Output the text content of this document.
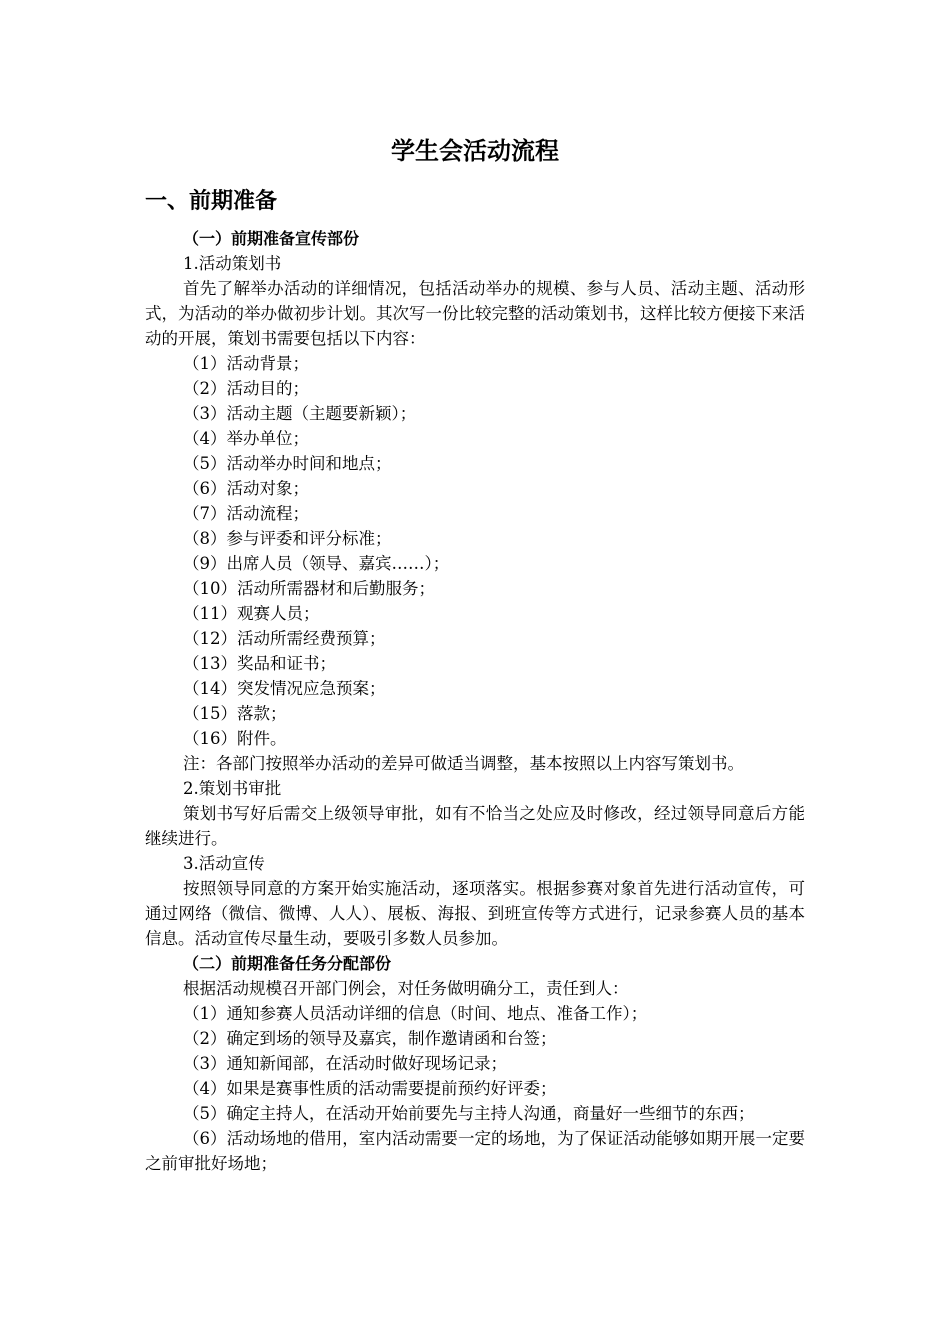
学生会活动流程
一、前期准备

（一）前期准备宣传部份

1.活动策划书

首先了解举办活动的详细情况，包括活动举办的规模、参与人员、活动主题、活动形式，为活动的举办做初步计划。其次写一份比较完整的活动策划书，这样比较方便接下来活动的开展，策划书需要包括以下内容：

（1）活动背景；

（2）活动目的；

（3）活动主题（主题要新颖）；

（4）举办单位；

（5）活动举办时间和地点；

（6）活动对象；

（7）活动流程；

（8）参与评委和评分标准；

（9）出席人员（领导、嘉宾……）；

（10）活动所需器材和后勤服务；

（11）观赛人员；

（12）活动所需经费预算；

（13）奖品和证书；

（14）突发情况应急预案；

（15）落款；

（16）附件。

注：各部门按照举办活动的差异可做适当调整，基本按照以上内容写策划书。

2.策划书审批

策划书写好后需交上级领导审批，如有不恰当之处应及时修改，经过领导同意后方能继续进行。

3.活动宣传

按照领导同意的方案开始实施活动，逐项落实。根据参赛对象首先进行活动宣传，可通过网络（微信、微博、人人）、展板、海报、到班宣传等方式进行，记录参赛人员的基本信息。活动宣传尽量生动，要吸引多数人员参加。

（二）前期准备任务分配部份

根据活动规模召开部门例会，对任务做明确分工，责任到人：

（1）通知参赛人员活动详细的信息（时间、地点、准备工作）；

（2）确定到场的领导及嘉宾，制作邀请函和台签；

（3）通知新闻部，在活动时做好现场记录；

（4）如果是赛事性质的活动需要提前预约好评委；

（5）确定主持人，在活动开始前要先与主持人沟通，商量好一些细节的东西；

（6）活动场地的借用，室内活动需要一定的场地，为了保证活动能够如期开展一定要之前审批好场地；
